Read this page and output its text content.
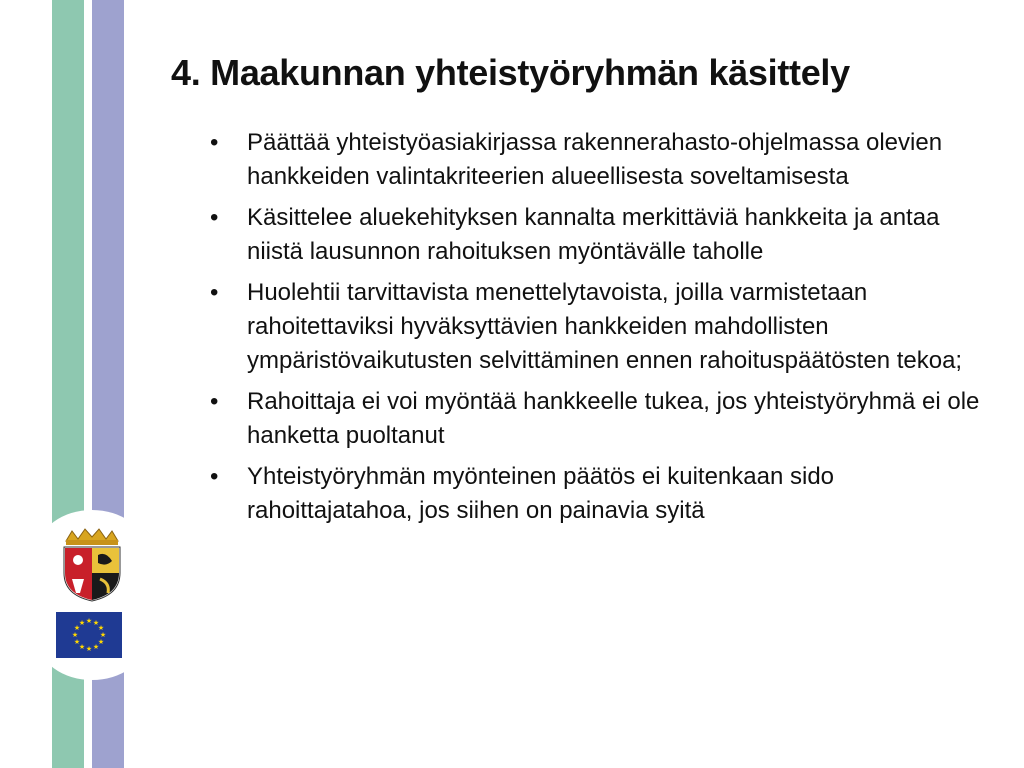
★ ★
★
★
★
★
★
★
★
★
★
★
4. Maakunnan yhteistyöryhmän käsittely
• Päättää yhteistyöasiakirjassa rakennerahasto-ohjelmassa olevien hankkeiden valintakriteerien alueellisesta soveltamisesta
• Käsittelee aluekehityksen kannalta merkittäviä hankkeita ja antaa niistä lausunnon rahoituksen myöntävälle taholle
• Huolehtii tarvittavista menettelytavoista, joilla varmistetaan rahoitettaviksi hyväksyttävien hankkeiden mahdollisten ympäristövaikutusten selvittäminen ennen rahoituspäätösten tekoa;
• Rahoittaja ei voi myöntää hankkeelle tukea, jos yhteistyöryhmä ei ole hanketta puoltanut
• Yhteistyöryhmän myönteinen päätös ei kuitenkaan sido rahoittajatahoa, jos siihen on painavia syitä
